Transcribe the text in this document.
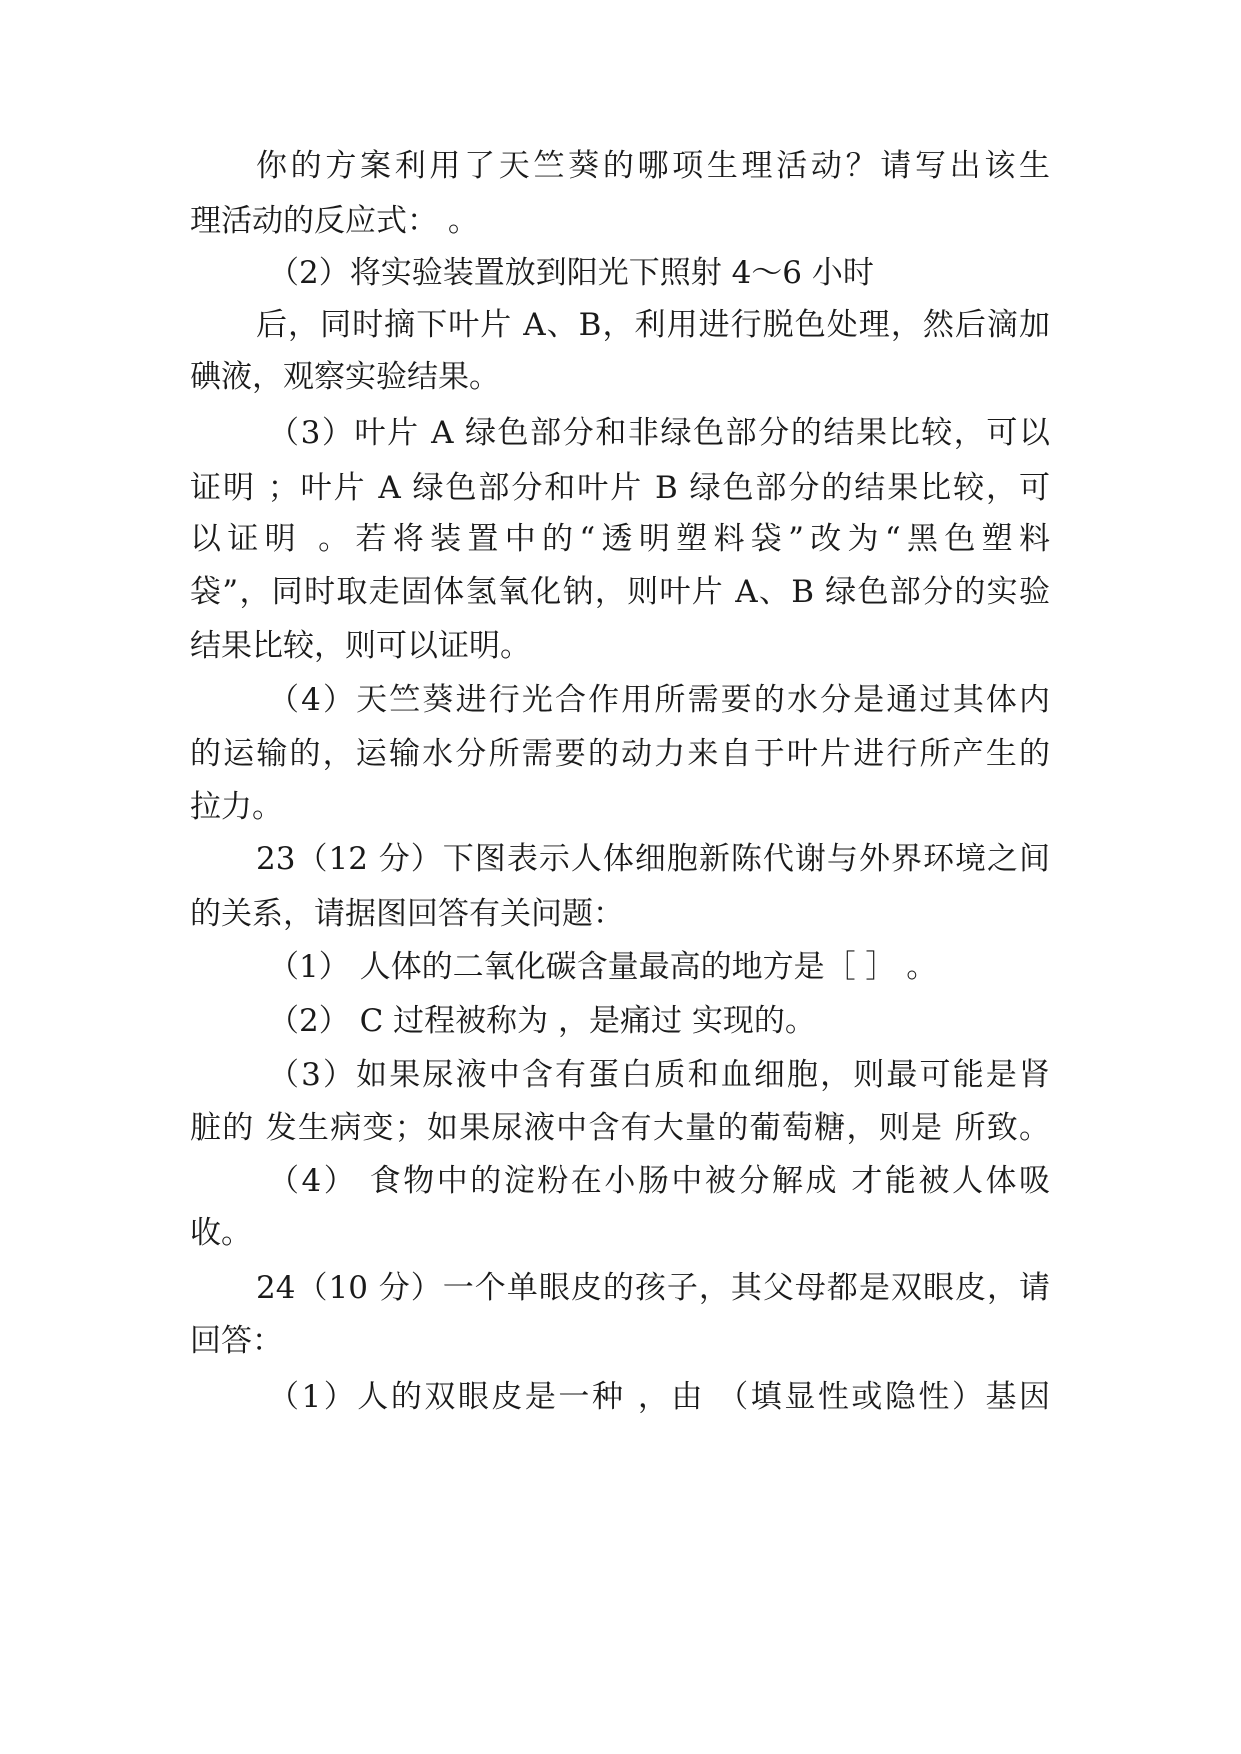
你的方案利用了天竺葵的哪项生理活动？请写出该生
理活动的反应式： 。
（2）将实验装置放到阳光下照射 4～6 小时
后，同时摘下叶片 A、B，利用进行脱色处理，然后滴加
碘液，观察实验结果。
（3）叶片 A 绿色部分和非绿色部分的结果比较，可以
证明 ；叶片 A 绿色部分和叶片 B 绿色部分的结果比较，可
以证明 。若将装置中的“透明塑料袋”改为“黑色塑料
袋”，同时取走固体氢氧化钠，则叶片 A、B 绿色部分的实验
结果比较，则可以证明。
（4）天竺葵进行光合作用所需要的水分是通过其体内
的运输的，运输水分所需要的动力来自于叶片进行所产生的
拉力。
23（12 分）下图表示人体细胞新陈代谢与外界环境之间
的关系，请据图回答有关问题：
（1） 人体的二氧化碳含量最高的地方是［ ］ 。
（2） C 过程被称为 ，是痛过 实现的。
（3）如果尿液中含有蛋白质和血细胞，则最可能是肾
脏的 发生病变；如果尿液中含有大量的葡萄糖，则是 所致。
（4） 食物中的淀粉在小肠中被分解成 才能被人体吸
收。
24（10 分）一个单眼皮的孩子，其父母都是双眼皮，请
回答：
（1）人的双眼皮是一种 ，由 （填显性或隐性）基因
